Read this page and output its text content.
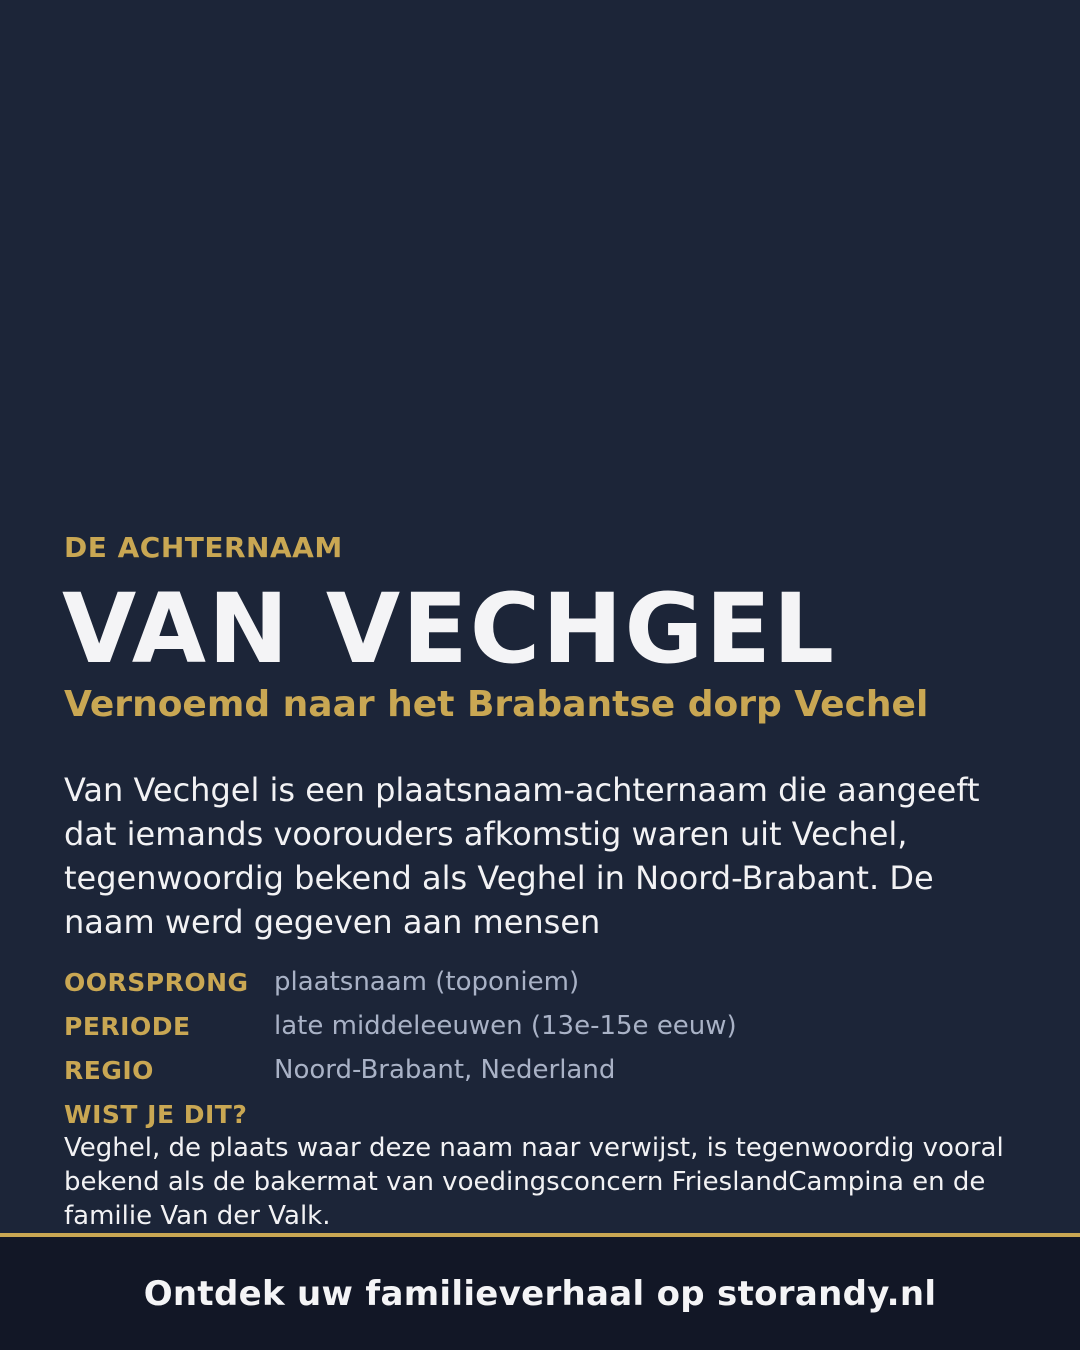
DE ACHTERNAAM
VAN VECHGEL
Vernoemd naar het Brabantse dorp Vechel

Van Vechgel is een plaatsnaam-achternaam die aangeeft dat iemands voorouders afkomstig waren uit Vechel, tegenwoordig bekend als Veghel in Noord-Brabant. De naam werd gegeven aan mensen

OORSPRONG plaatsnaam (toponiem)
PERIODE	late middeleeuwen (13e-15e eeuw)
REGIO	Noord-Brabant, Nederland
WIST JE DIT?

Veghel, de plaats waar deze naam naar verwijst, is tegenwoordig vooral bekend als de bakermat van voedingsconcern FrieslandCampina en de familie Van der Valk.

Ontdek uw familieverhaal op storandy.nl
